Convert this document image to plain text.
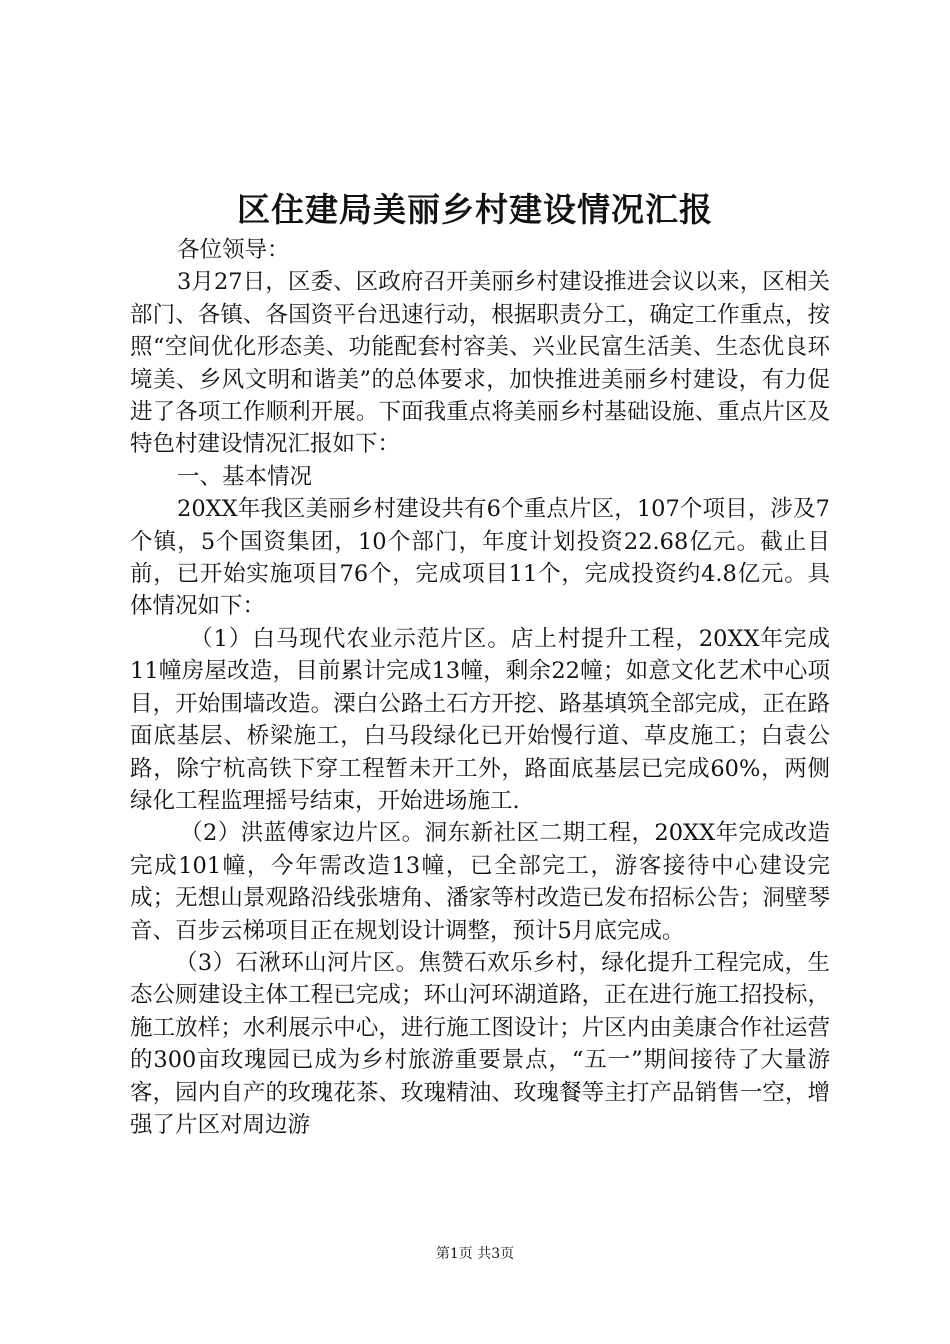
区住建局美丽乡村建设情况汇报

各位领导：

3月27日，区委、区政府召开美丽乡村建设推进会议以来，区相关部门、各镇、各国资平台迅速行动，根据职责分工，确定工作重点，按照“空间优化形态美、功能配套村容美、兴业民富生活美、生态优良环境美、乡风文明和谐美”的总体要求，加快推进美丽乡村建设，有力促进了各项工作顺利开展。下面我重点将美丽乡村基础设施、重点片区及特色村建设情况汇报如下：

一、基本情况

20XX年我区美丽乡村建设共有6个重点片区，107个项目，涉及7个镇，5个国资集团，10个部门，年度计划投资22.68亿元。截止目前，已开始实施项目76个，完成项目11个，完成投资约4.8亿元。具体情况如下：

（1）白马现代农业示范片区。店上村提升工程，20XX年完成11幢房屋改造，目前累计完成13幢，剩余22幢；如意文化艺术中心项目，开始围墙改造。溧白公路土石方开挖、路基填筑全部完成，正在路面底基层、桥梁施工，白马段绿化已开始慢行道、草皮施工；白袁公路，除宁杭高铁下穿工程暂未开工外，路面底基层已完成60%，两侧绿化工程监理摇号结束，开始进场施工.

（2）洪蓝傅家边片区。洞东新社区二期工程，20XX年完成改造完成101幢，今年需改造13幢，已全部完工，游客接待中心建设完成；无想山景观路沿线张塘角、潘家等村改造已发布招标公告；洞壁琴音、百步云梯项目正在规划设计调整，预计5月底完成。

（3）石湫环山河片区。焦赞石欢乐乡村，绿化提升工程完成，生态公厕建设主体工程已完成；环山河环湖道路，正在进行施工招投标，施工放样；水利展示中心，进行施工图设计；片区内由美康合作社运营的300亩玫瑰园已成为乡村旅游重要景点，“五一”期间接待了大量游客，园内自产的玫瑰花茶、玫瑰精油、玫瑰餐等主打产品销售一空，增强了片区对周边游

第1页 共3页
